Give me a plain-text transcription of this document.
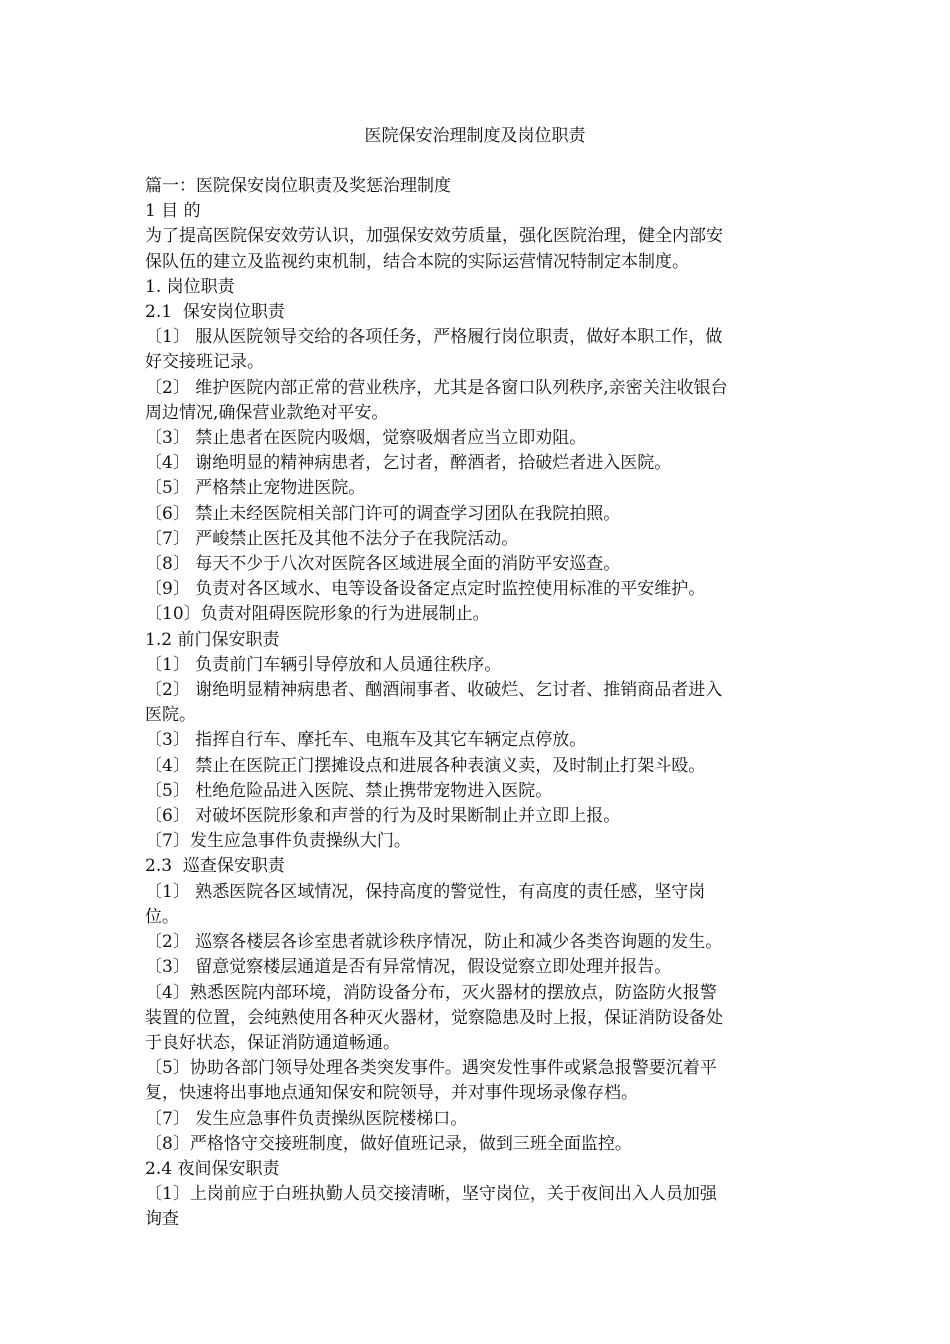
医院保安治理制度及岗位职责

篇一：医院保安岗位职责及奖惩治理制度

1 目 的

为了提高医院保安效劳认识，加强保安效劳质量，强化医院治理，健全内部安

保队伍的建立及监视约束机制，结合本院的实际运营情况特制定本制度。

1. 岗位职责

2.1  保安岗位职责

〔1〕 服从医院领导交给的各项任务，严格履行岗位职责，做好本职工作，做

好交接班记录。

〔2〕 维护医院内部正常的营业秩序，尤其是各窗口队列秩序,亲密关注收银台

周边情况,确保营业款绝对平安。

〔3〕 禁止患者在医院内吸烟，觉察吸烟者应当立即劝阻。

〔4〕 谢绝明显的精神病患者，乞讨者，醉酒者，拾破烂者进入医院。

〔5〕 严格禁止宠物进医院。

〔6〕 禁止未经医院相关部门许可的调查学习团队在我院拍照。

〔7〕 严峻禁止医托及其他不法分子在我院活动。

〔8〕 每天不少于八次对医院各区域进展全面的消防平安巡查。

〔9〕 负责对各区域水、电等设备设备定点定时监控使用标准的平安维护。

〔10〕负责对阻碍医院形象的行为进展制止。

1.2 前门保安职责

〔1〕 负责前门车辆引导停放和人员通往秩序。

〔2〕 谢绝明显精神病患者、酗酒闹事者、收破烂、乞讨者、推销商品者进入

医院。

〔3〕 指挥自行车、摩托车、电瓶车及其它车辆定点停放。

〔4〕 禁止在医院正门摆摊设点和进展各种表演义卖，及时制止打架斗殴。

〔5〕 杜绝危险品进入医院、禁止携带宠物进入医院。

〔6〕 对破坏医院形象和声誉的行为及时果断制止并立即上报。

〔7〕发生应急事件负责操纵大门。

2.3  巡查保安职责

〔1〕 熟悉医院各区域情况，保持高度的警觉性，有高度的责任感，坚守岗

位。

〔2〕 巡察各楼层各诊室患者就诊秩序情况，防止和减少各类咨询题的发生。

〔3〕 留意觉察楼层通道是否有异常情况，假设觉察立即处理并报告。

〔4〕熟悉医院内部环境，消防设备分布，灭火器材的摆放点，防盗防火报警

装置的位置，会纯熟使用各种灭火器材，觉察隐患及时上报，保证消防设备处

于良好状态，保证消防通道畅通。

〔5〕协助各部门领导处理各类突发事件。遇突发性事件或紧急报警要沉着平

复，快速将出事地点通知保安和院领导，并对事件现场录像存档。

〔7〕 发生应急事件负责操纵医院楼梯口。

〔8〕严格恪守交接班制度，做好值班记录，做到三班全面监控。

2.4 夜间保安职责

〔1〕上岗前应于白班执勤人员交接清晰，坚守岗位，关于夜间出入人员加强

询查
